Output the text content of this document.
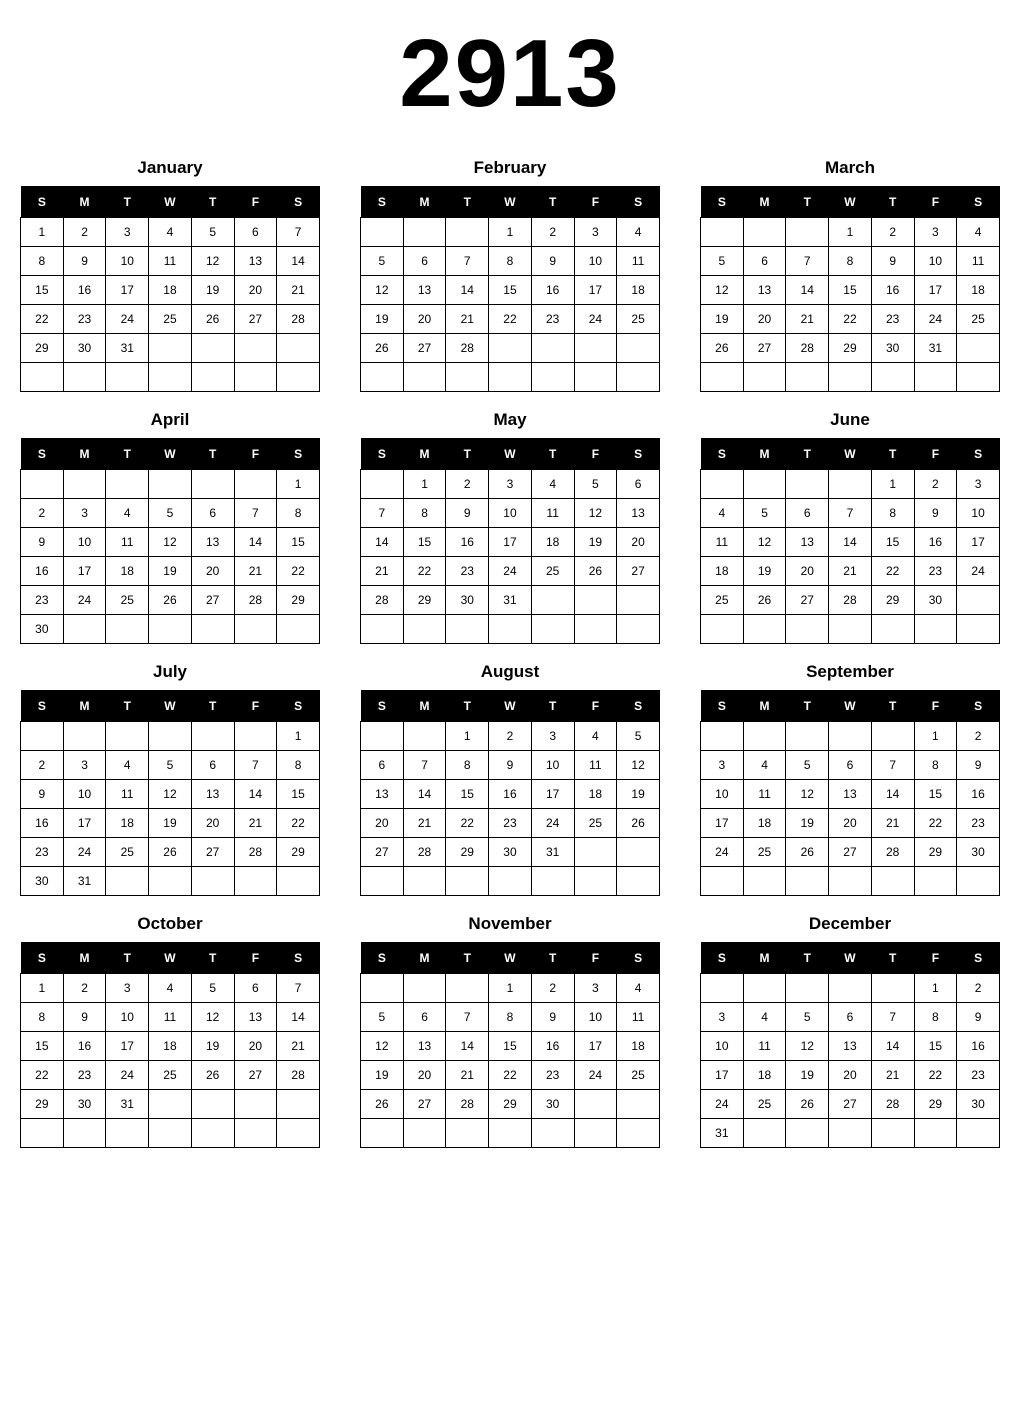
2913
January
S	M	T	W	T	F	S
1	2	3	4	5	6	7
8	9	10	11	12	13	14
15	16	17	18	19	20	21
22	23	24	25	26	27	28
29	30	31				

February
S	M	T	W	T	F	S
			1	2	3	4
5	6	7	8	9	10	11
12	13	14	15	16	17	18
19	20	21	22	23	24	25
26	27	28				

March
S	M	T	W	T	F	S
			1	2	3	4
5	6	7	8	9	10	11
12	13	14	15	16	17	18
19	20	21	22	23	24	25
26	27	28	29	30	31	

April
S	M	T	W	T	F	S
						1
2	3	4	5	6	7	8
9	10	11	12	13	14	15
16	17	18	19	20	21	22
23	24	25	26	27	28	29
30						
May
S	M	T	W	T	F	S
	1	2	3	4	5	6
7	8	9	10	11	12	13
14	15	16	17	18	19	20
21	22	23	24	25	26	27
28	29	30	31			

June
S	M	T	W	T	F	S
				1	2	3
4	5	6	7	8	9	10
11	12	13	14	15	16	17
18	19	20	21	22	23	24
25	26	27	28	29	30	

July
S	M	T	W	T	F	S
						1
2	3	4	5	6	7	8
9	10	11	12	13	14	15
16	17	18	19	20	21	22
23	24	25	26	27	28	29
30	31					
August
S	M	T	W	T	F	S
		1	2	3	4	5
6	7	8	9	10	11	12
13	14	15	16	17	18	19
20	21	22	23	24	25	26
27	28	29	30	31		

September
S	M	T	W	T	F	S
					1	2
3	4	5	6	7	8	9
10	11	12	13	14	15	16
17	18	19	20	21	22	23
24	25	26	27	28	29	30

October
S	M	T	W	T	F	S
1	2	3	4	5	6	7
8	9	10	11	12	13	14
15	16	17	18	19	20	21
22	23	24	25	26	27	28
29	30	31				

November
S	M	T	W	T	F	S
			1	2	3	4
5	6	7	8	9	10	11
12	13	14	15	16	17	18
19	20	21	22	23	24	25
26	27	28	29	30		

December
S	M	T	W	T	F	S
					1	2
3	4	5	6	7	8	9
10	11	12	13	14	15	16
17	18	19	20	21	22	23
24	25	26	27	28	29	30
31						
